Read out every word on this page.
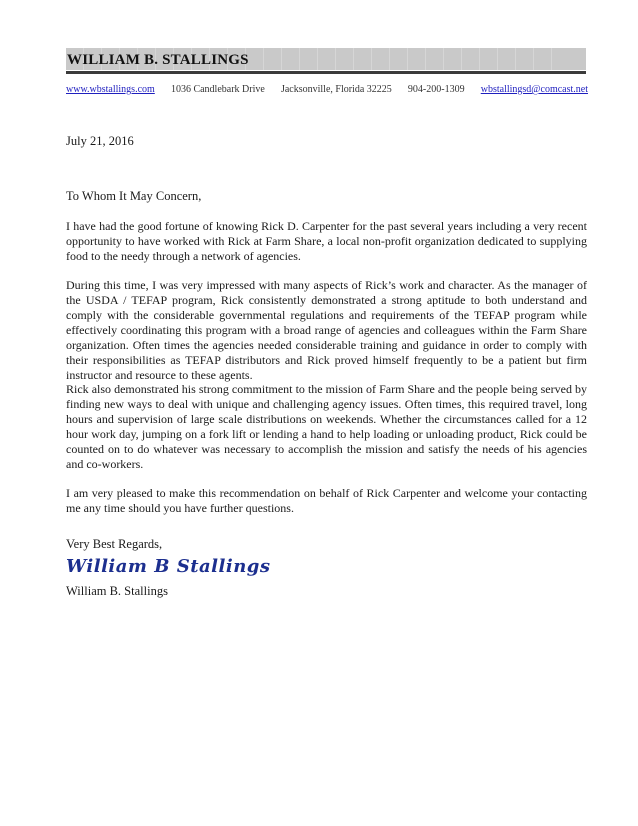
WILLIAM B. STALLINGS
www.wbstallings.com 1036 Candlebark Drive Jacksonville, Florida 32225 904-200-1309 wbstallingsd@comcast.net
July 21, 2016
To Whom It May Concern,

I have had the good fortune of knowing Rick D. Carpenter for the past several years including a very recent opportunity to have worked with Rick at Farm Share, a local non-profit organization dedicated to supplying food to the needy through a network of agencies.

During this time, I was very impressed with many aspects of Rick’s work and character. As the manager of the USDA / TEFAP program, Rick consistently demonstrated a strong aptitude to both understand and comply with the considerable governmental regulations and requirements of the TEFAP program while effectively coordinating this program with a broad range of agencies and colleagues within the Farm Share organization. Often times the agencies needed considerable training and guidance in order to comply with their responsibilities as TEFAP distributors and Rick proved himself frequently to be a patient but firm instructor and resource to these agents.

Rick also demonstrated his strong commitment to the mission of Farm Share and the people being served by finding new ways to deal with unique and challenging agency issues. Often times, this required travel, long hours and supervision of large scale distributions on weekends. Whether the circumstances called for a 12 hour work day, jumping on a fork lift or lending a hand to help loading or unloading product, Rick could be counted on to do whatever was necessary to accomplish the mission and satisfy the needs of his agencies and co-workers.

I am very pleased to make this recommendation on behalf of Rick Carpenter and welcome your contacting me any time should you have further questions.

Very Best Regards,
William B Stallings
William B. Stallings
